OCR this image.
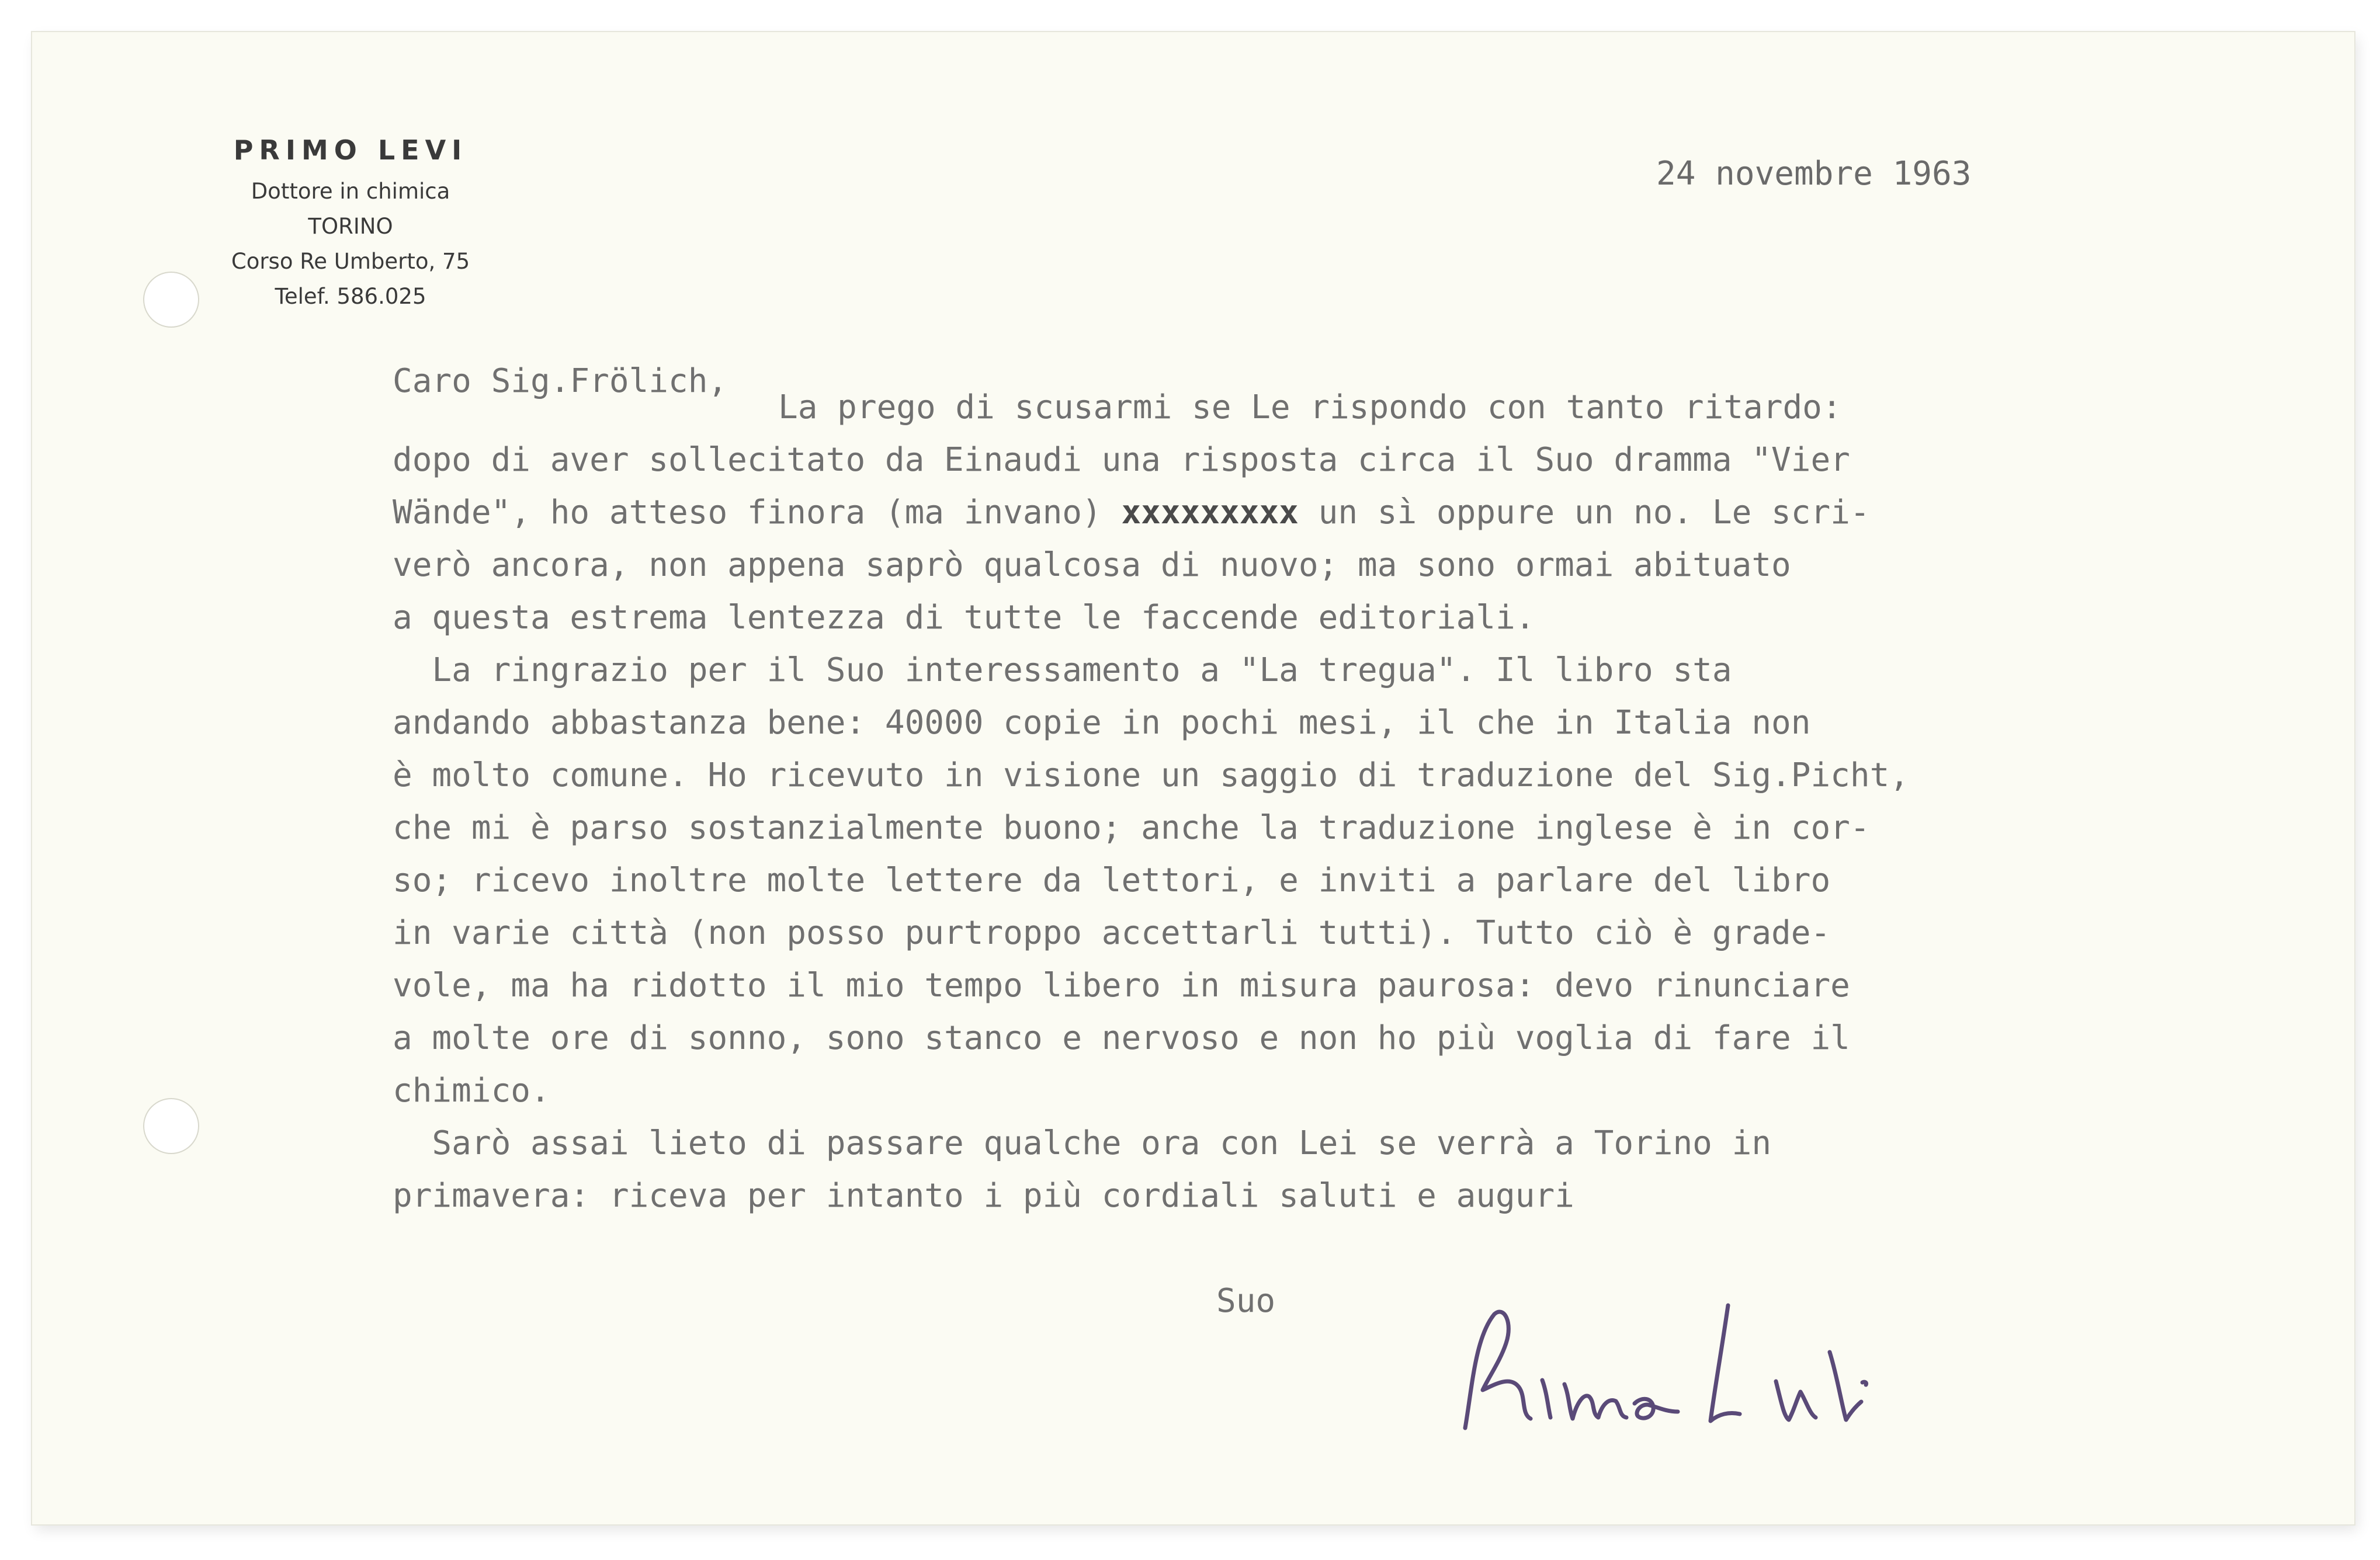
PRIMO LEVI
Dottore in chimica
TORINO
Corso Re Umberto, 75
Telef. 586.025
24 novembre 1963
Caro Sig.Frölich,
La prego di scusarmi se Le rispondo con tanto ritardo:
dopo di aver sollecitato da Einaudi una risposta circa il Suo dramma "Vier
Wände", ho atteso finora (ma invano) xxxxxxxxx un sì oppure un no. Le scri-
verò ancora, non appena saprò qualcosa di nuovo; ma sono ormai abituato
a questa estrema lentezza di tutte le faccende editoriali.
La ringrazio per il Suo interessamento a "La tregua". Il libro sta
andando abbastanza bene: 40000 copie in pochi mesi, il che in Italia non
è molto comune. Ho ricevuto in visione un saggio di traduzione del Sig.Picht,
che mi è parso sostanzialmente buono; anche la traduzione inglese è in cor-
so; ricevo inoltre molte lettere da lettori, e inviti a parlare del libro
in varie città (non posso purtroppo accettarli tutti). Tutto ciò è grade-
vole, ma ha ridotto il mio tempo libero in misura paurosa: devo rinunciare
a molte ore di sonno, sono stanco e nervoso e non ho più voglia di fare il
chimico.
Sarò assai lieto di passare qualche ora con Lei se verrà a Torino in
primavera: riceva per intanto i più cordiali saluti e auguri
Suo
